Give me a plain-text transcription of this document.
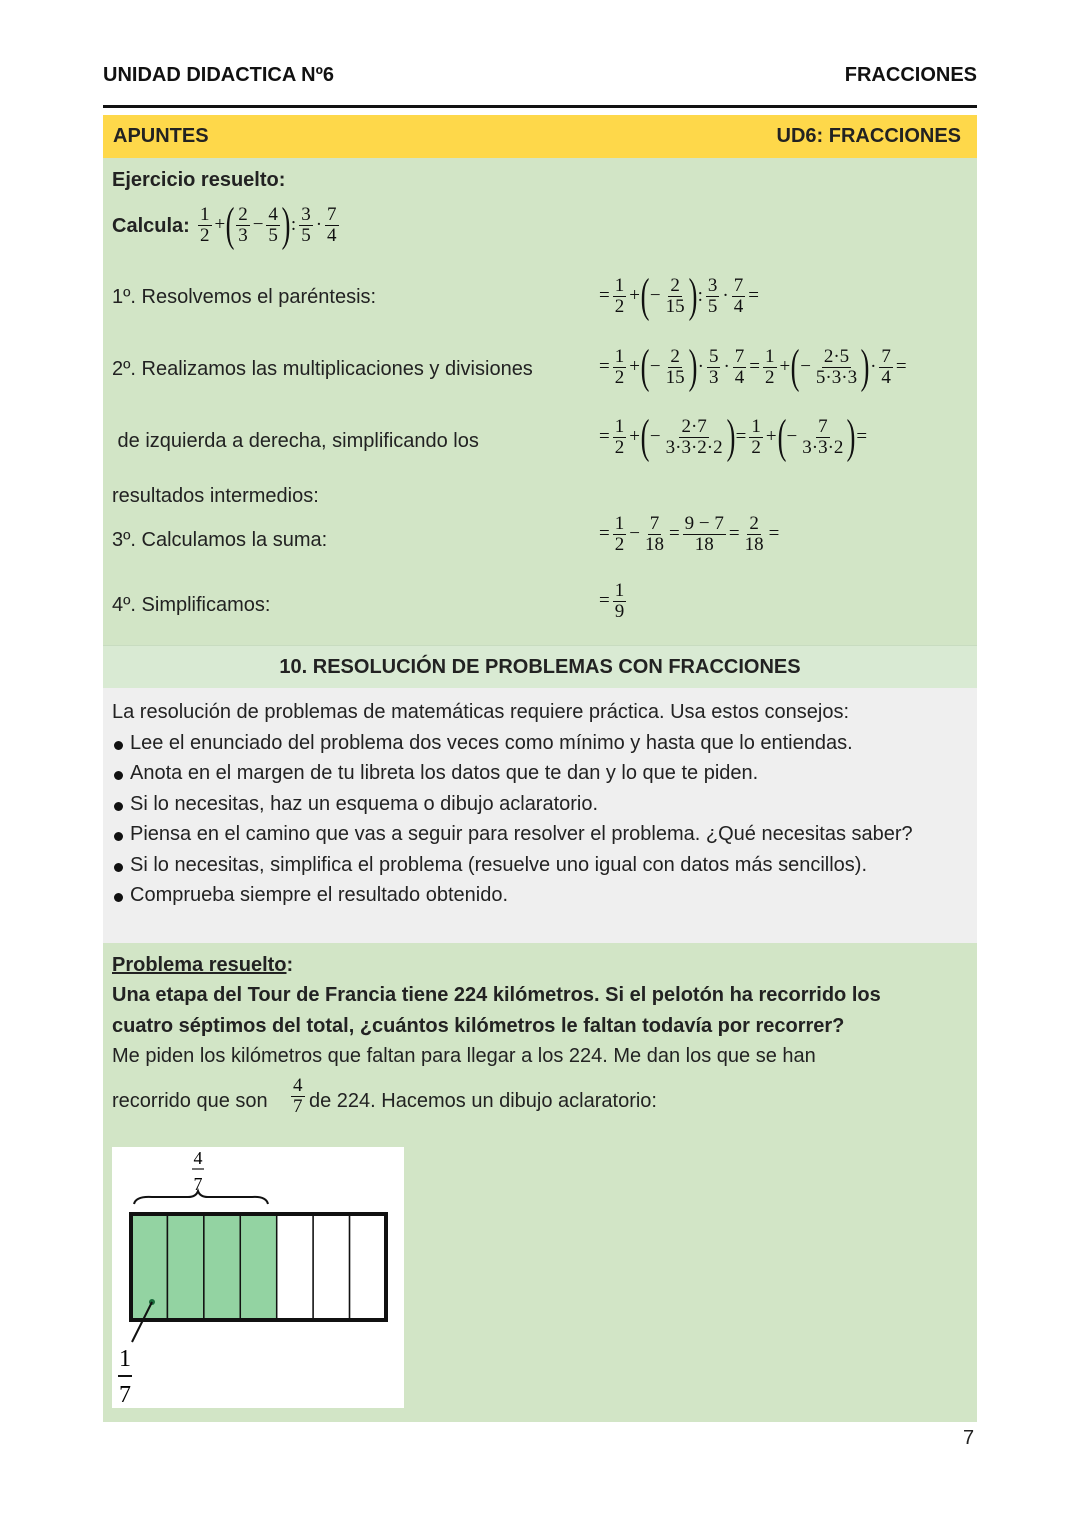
UNIDAD DIDACTICA Nº6	FRACCIONES
APUNTES	UD6: FRACCIONES
Ejercicio resuelto:
Calcula: $\frac{1}{2}$ + ( $\frac{2}{3} - \frac{4}{5}$ ) : $\frac{3}{5} \cdot \frac{7}{4}$
1º. Resolvemos el paréntesis:	= $\frac{1}{2}$ + ( − $\frac{2}{15}$ ) : $\frac{3}{5} \cdot \frac{7}{4}$ =
2º. Realizamos las multiplicaciones y divisiones	= $\frac{1}{2}$ + ( − $\frac{2}{15}$ ) · $\frac{5}{3} \cdot \frac{7}{4} = \frac{1}{2}$ + ( − $\frac{2\cdot 5}{5\cdot 3\cdot 3}$ ) · $\frac{7}{4}$ =
de izquierda a derecha, simplificando los	= $\frac{1}{2}$ + ( − $\frac{2\cdot 7}{3\cdot 3\cdot 2\cdot 2}$ ) = $\frac{1}{2}$ + ( − $\frac{7}{3\cdot 3\cdot 2}$ ) =
resultados intermedios:
3º. Calculamos la suma:	= $\frac{1}{2} - \frac{7}{18} = \frac{9 - 7}{18} = \frac{2}{18}$ =
4º. Simplificamos:	= $\frac{1}{9}$
10. RESOLUCIÓN DE PROBLEMAS CON FRACCIONES
La resolución de problemas de matemáticas requiere práctica. Usa estos consejos:
Lee el enunciado del problema dos veces como mínimo y hasta que lo entiendas.
Anota en el margen de tu libreta los datos que te dan y lo que te piden.
Si lo necesitas, haz un esquema o dibujo aclaratorio.
Piensa en el camino que vas a seguir para resolver el problema. ¿Qué necesitas saber?
Si lo necesitas, simplifica el problema (resuelve uno igual con datos más sencillos).
Comprueba siempre el resultado obtenido.
Problema resuelto:
Una etapa del Tour de Francia tiene 224 kilómetros. Si el pelotón ha recorrido los
cuatro séptimos del total, ¿cuántos kilómetros le faltan todavía por recorrer?
Me piden los kilómetros que faltan para llegar a los 224. Me dan los que se han
recorrido que son $\frac{4}{7}$ de 224. Hacemos un dibujo aclaratorio:
4
7
1
7
7
